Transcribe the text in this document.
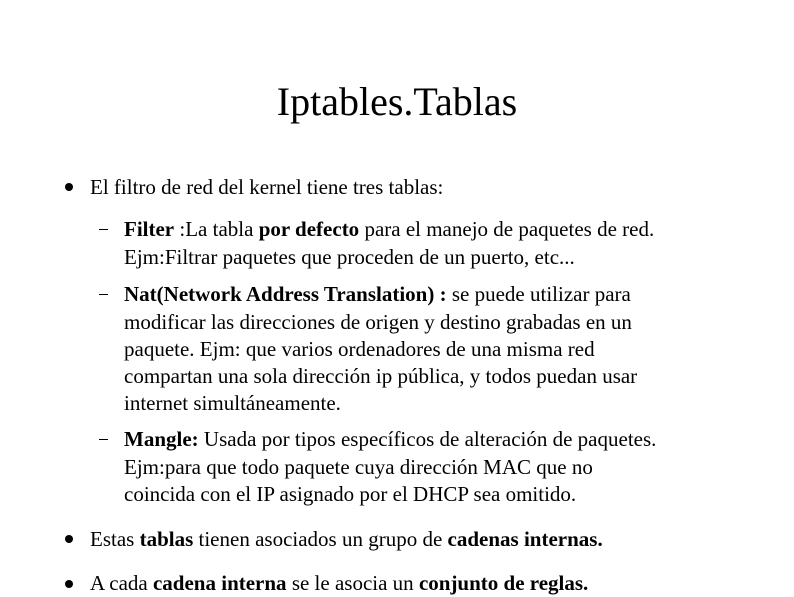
Iptables.Tablas
El filtro de red del kernel tiene tres tablas:
Filter :La tabla por defecto para el manejo de paquetes de red.
Ejm:Filtrar paquetes que proceden de un puerto, etc...
Nat(Network Address Translation) : se puede utilizar para
modificar las direcciones de origen y destino grabadas en un
paquete. Ejm: que varios ordenadores de una misma red
compartan una sola dirección ip pública, y todos puedan usar
internet simultáneamente.
Mangle: Usada por tipos específicos de alteración de paquetes.
Ejm:para que todo paquete cuya dirección MAC que no
coincida con el IP asignado por el DHCP sea omitido.
Estas tablas tienen asociados un grupo de cadenas internas.
A cada cadena interna se le asocia un conjunto de reglas.
